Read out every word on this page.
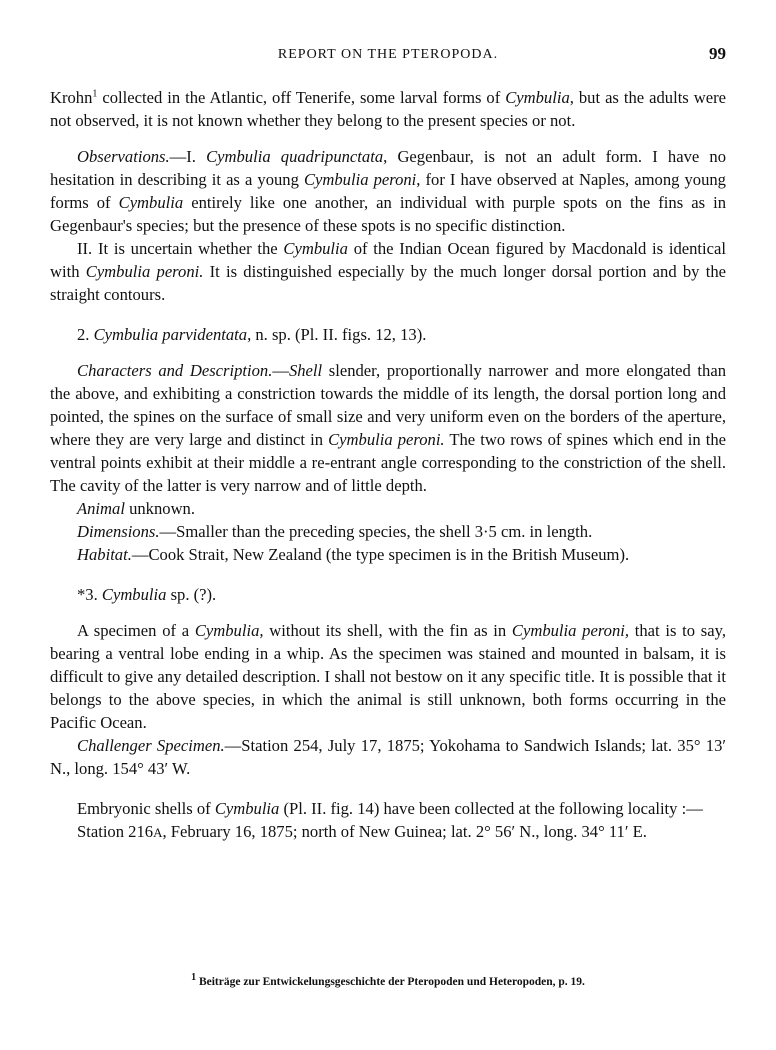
REPORT ON THE PTEROPODA.	99

Krohn$^1$ collected in the Atlantic, off Tenerife, some larval forms of Cymbulia, but as the adults were not observed, it is not known whether they belong to the present species or not.

Observations.—I. Cymbulia quadripunctata, Gegenbaur, is not an adult form. I have no hesitation in describing it as a young Cymbulia peroni, for I have observed at Naples, among young forms of Cymbulia entirely like one another, an individual with purple spots on the fins as in Gegenbaur's species; but the presence of these spots is no specific distinction.

II. It is uncertain whether the Cymbulia of the Indian Ocean figured by Macdonald is identical with Cymbulia peroni. It is distinguished especially by the much longer dorsal portion and by the straight contours.

2. Cymbulia parvidentata, n. sp. (Pl. II. figs. 12, 13).

Characters and Description.—Shell slender, proportionally narrower and more elongated than the above, and exhibiting a constriction towards the middle of its length, the dorsal portion long and pointed, the spines on the surface of small size and very uniform even on the borders of the aperture, where they are very large and distinct in Cymbulia peroni. The two rows of spines which end in the ventral points exhibit at their middle a re-entrant angle corresponding to the constriction of the shell. The cavity of the latter is very narrow and of little depth.

Animal unknown.

Dimensions.—Smaller than the preceding species, the shell 3·5 cm. in length.

Habitat.—Cook Strait, New Zealand (the type specimen is in the British Museum).

*3. Cymbulia sp. (?).

A specimen of a Cymbulia, without its shell, with the fin as in Cymbulia peroni, that is to say, bearing a ventral lobe ending in a whip. As the specimen was stained and mounted in balsam, it is difficult to give any detailed description. I shall not bestow on it any specific title. It is possible that it belongs to the above species, in which the animal is still unknown, both forms occurring in the Pacific Ocean.

Challenger Specimen.—Station 254, July 17, 1875; Yokohama to Sandwich Islands; lat. 35° 13′ N., long. 154° 43′ W.

Embryonic shells of Cymbulia (Pl. II. fig. 14) have been collected at the following locality :—

Station 216A, February 16, 1875; north of New Guinea; lat. 2° 56′ N., long. 34° 11′ E.

$^1$ Beiträge zur Entwickelungsgeschichte der Pteropoden und Heteropoden, p. 19.
